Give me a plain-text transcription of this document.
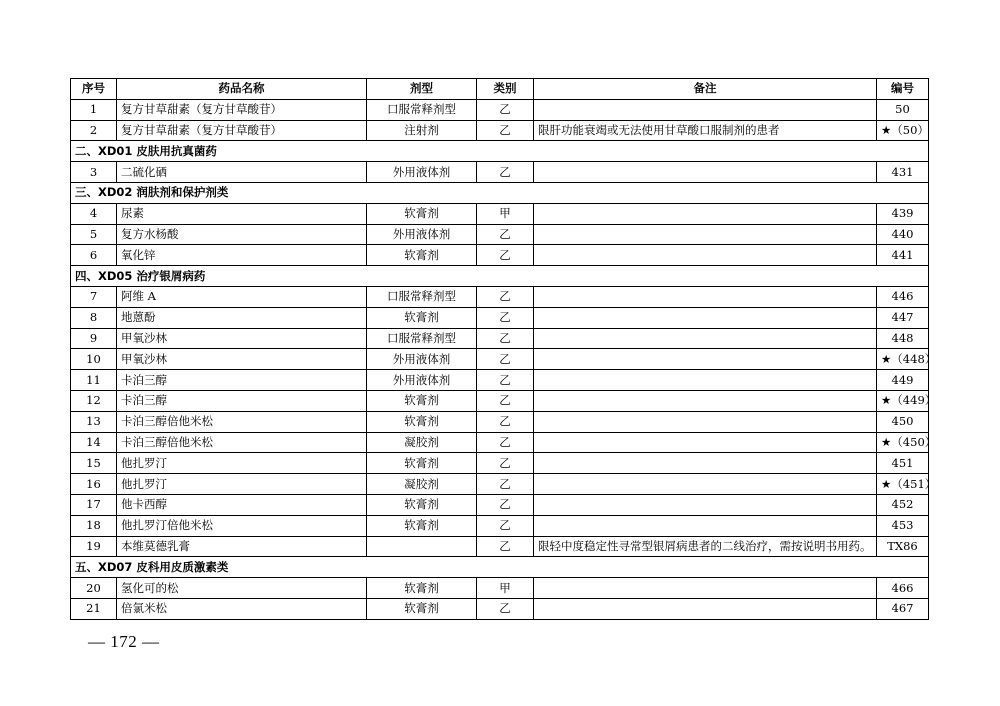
序号	药品名称	剂型	类别	备注	编号
1	复方甘草甜素（复方甘草酸苷）	口服常释剂型	乙		50
2	复方甘草甜素（复方甘草酸苷）	注射剂	乙	限肝功能衰竭或无法使用甘草酸口服制剂的患者	★（50）
二、XD01 皮肤用抗真菌药					
3	二硫化硒	外用液体剂	乙		431
三、XD02 润肤剂和保护剂类					
4	尿素	软膏剂	甲		439
5	复方水杨酸	外用液体剂	乙		440
6	氧化锌	软膏剂	乙		441
四、XD05 治疗银屑病药					
7	阿维 A	口服常释剂型	乙		446
8	地蒽酚	软膏剂	乙		447
9	甲氧沙林	口服常释剂型	乙		448
10	甲氧沙林	外用液体剂	乙		★（448）
11	卡泊三醇	外用液体剂	乙		449
12	卡泊三醇	软膏剂	乙		★（449）
13	卡泊三醇倍他米松	软膏剂	乙		450
14	卡泊三醇倍他米松	凝胶剂	乙		★（450）
15	他扎罗汀	软膏剂	乙		451
16	他扎罗汀	凝胶剂	乙		★（451）
17	他卡西醇	软膏剂	乙		452
18	他扎罗汀倍他米松	软膏剂	乙		453
19	本维莫德乳膏		乙	限轻中度稳定性寻常型银屑病患者的二线治疗，需按说明书用药。	TX86
五、XD07 皮科用皮质激素类					
20	氢化可的松	软膏剂	甲		466
21	倍氯米松	软膏剂	乙		467
— 172 —
